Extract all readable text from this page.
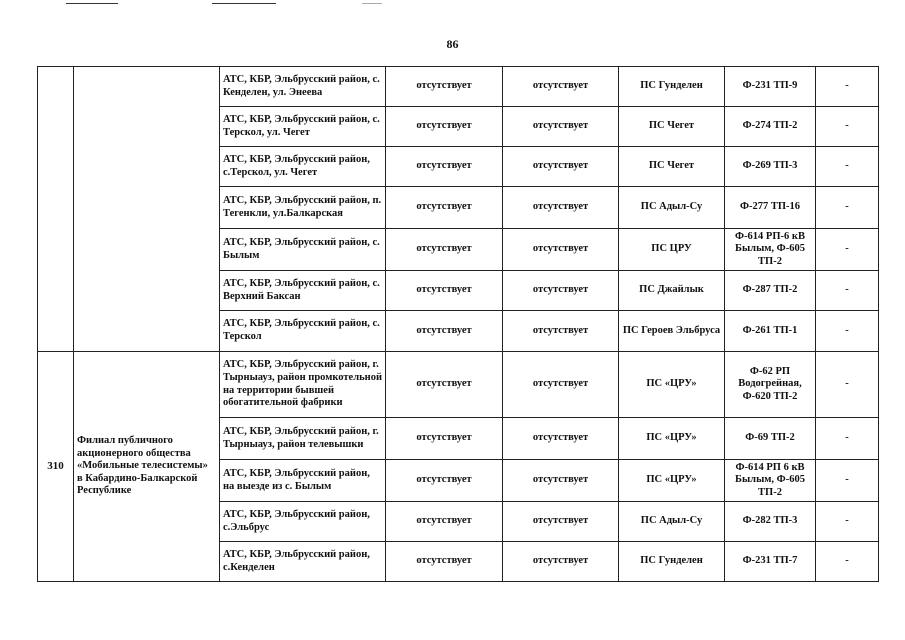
86
		АТС, КБР, Эльбрусский район, с. Кенделен, ул. Энеева	отсутствует	отсутствует	ПС Гунделен	Ф-231 ТП-9	-
		АТС, КБР, Эльбрусский район, с. Терскол, ул. Чегет	отсутствует	отсутствует	ПС Чегет	Ф-274 ТП-2	-
		АТС, КБР, Эльбрусский район, с.Терскол, ул. Чегет	отсутствует	отсутствует	ПС Чегет	Ф-269 ТП-3	-
		АТС, КБР, Эльбрусский район, п. Тегенкли, ул.Балкарская	отсутствует	отсутствует	ПС Адыл-Су	Ф-277 ТП-16	-
		АТС, КБР, Эльбрусский район, с. Былым	отсутствует	отсутствует	ПС ЦРУ	Ф-614 РП-6 кВ Былым, Ф-605 ТП-2	-
		АТС, КБР, Эльбрусский район, с. Верхний Баксан	отсутствует	отсутствует	ПС Джайлык	Ф-287 ТП-2	-
		АТС, КБР, Эльбрусский район, с. Терскол	отсутствует	отсутствует	ПС Героев Эльбруса	Ф-261 ТП-1	-
310	Филиал публичного акционерного общества «Мобильные телесистемы» в Кабардино-Балкарской Республике	АТС, КБР, Эльбрусский район, г. Тырныауз, район промкотельной на территории бывшей обогатительной фабрики	отсутствует	отсутствует	ПС «ЦРУ»	Ф-62 РП Водогрейная, Ф-620 ТП-2	-
		АТС, КБР, Эльбрусский район, г. Тырныауз, район телевышки	отсутствует	отсутствует	ПС «ЦРУ»	Ф-69 ТП-2	-
		АТС, КБР, Эльбрусский район, на выезде из с. Былым	отсутствует	отсутствует	ПС «ЦРУ»	Ф-614 РП 6 кВ Былым, Ф-605 ТП-2	-
		АТС, КБР, Эльбрусский район, с.Эльбрус	отсутствует	отсутствует	ПС Адыл-Су	Ф-282 ТП-3	-
		АТС, КБР, Эльбрусский район, с.Кенделен	отсутствует	отсутствует	ПС Гунделен	Ф-231 ТП-7	-
